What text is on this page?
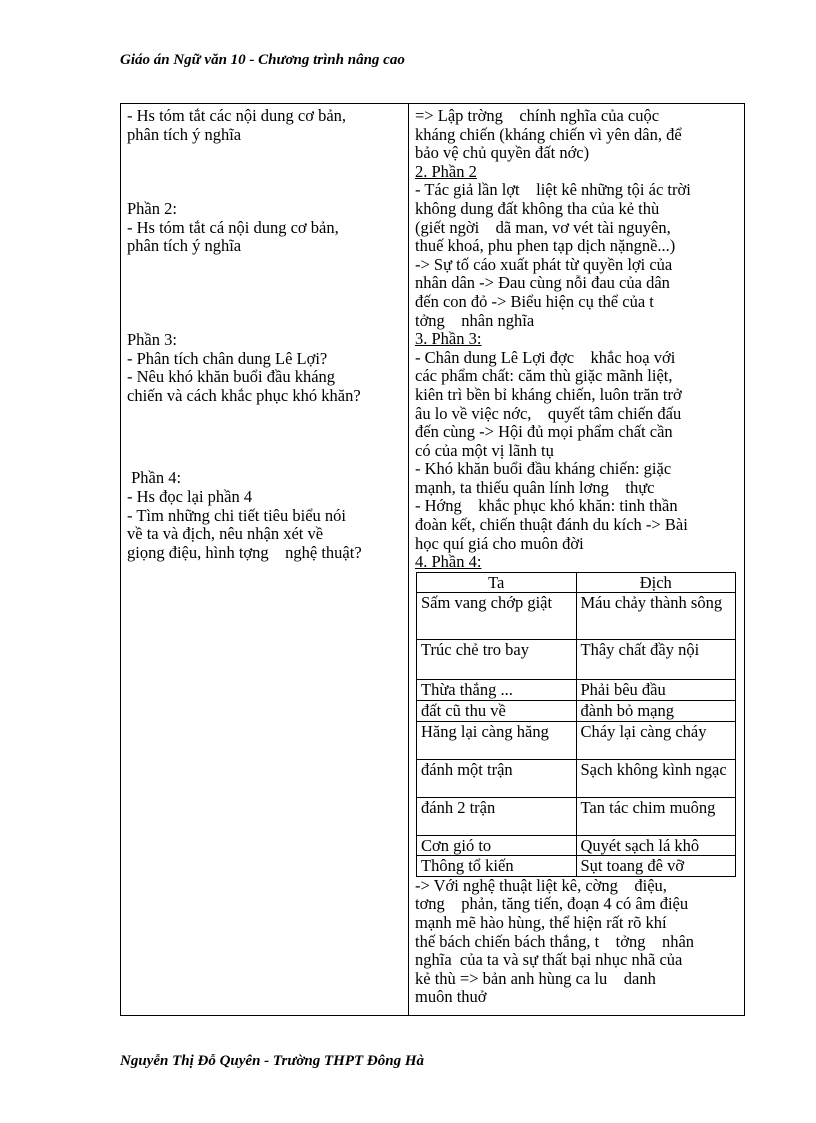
Giáo án Ngữ văn 10 - Chương trình nâng cao
- Hs tóm tắt các nội dung cơ bản,
phân tích ý nghĩa
Phần 2:
- Hs tóm tắt cá nội dung cơ bản,
phân tích ý nghĩa
Phần 3:
- Phân tích chân dung Lê Lợi?
- Nêu khó khăn buổi đầu kháng
chiến và cách khắc phục khó khăn?
Phần 4:
- Hs đọc lại phần 4
- Tìm những chi tiết tiêu biểu nói
về ta và địch, nêu nhận xét về
giọng điệu, hình tợng    nghệ thuật?
=> Lập trờng    chính nghĩa của cuộc
kháng chiến (kháng chiến vì yên dân, để
bảo vệ chủ quyền đất nớc)
2. Phần 2
- Tác giả lần lợt    liệt kê những tội ác trời
không dung đất không tha của kẻ thù
(giết ngời    dã man, vơ vét tài nguyên,
thuế khoá, phu phen tạp dịch nặngnề...)
-> Sự tố cáo xuất phát từ quyền lợi của
nhân dân -> Đau cùng nỗi đau của dân
đến con đỏ -> Biểu hiện cụ thể của t
tởng    nhân nghĩa
3. Phần 3:
- Chân dung Lê Lợi đợc    khắc hoạ với
các phẩm chất: căm thù giặc mãnh liệt,
kiên trì bền bỉ kháng chiến, luôn trăn trở
âu lo về việc nớc,    quyết tâm chiến đấu
đến cùng -> Hội đủ mọi phẩm chất cần
có của một vị lãnh tụ
- Khó khăn buổi đầu kháng chiến: giặc
mạnh, ta thiếu quân lính lơng    thực
- Hớng    khắc phục khó khăn: tinh thần
đoàn kết, chiến thuật đánh du kích -> Bài
học quí giá cho muôn đời
4. Phần 4:
Ta	Địch
Sấm vang chớp giật	Máu chảy thành sông
Trúc chẻ tro bay	Thây chất đầy nội
Thừa thắng ...	Phải bêu đầu
đất cũ thu về	đành bỏ mạng
Hăng lại càng hăng	Cháy lại càng cháy
đánh một trận	Sạch không kình ngạc
đánh 2 trận	Tan tác chim muông
Cơn gió to	Quyét sạch lá khô
Thông tổ kiến	Sụt toang đê vỡ
-> Với nghệ thuật liệt kê, cờng    điệu,
tơng    phản, tăng tiến, đoạn 4 có âm điệu
mạnh mẽ hào hùng, thể hiện rất rõ khí
thế bách chiến bách thắng, t    tởng    nhân
nghĩa  của ta và sự thất bại nhục nhã của
kẻ thù => bản anh hùng ca lu    danh
muôn thuở
Nguyễn Thị Đỗ Quyên - Trường THPT Đông Hà
